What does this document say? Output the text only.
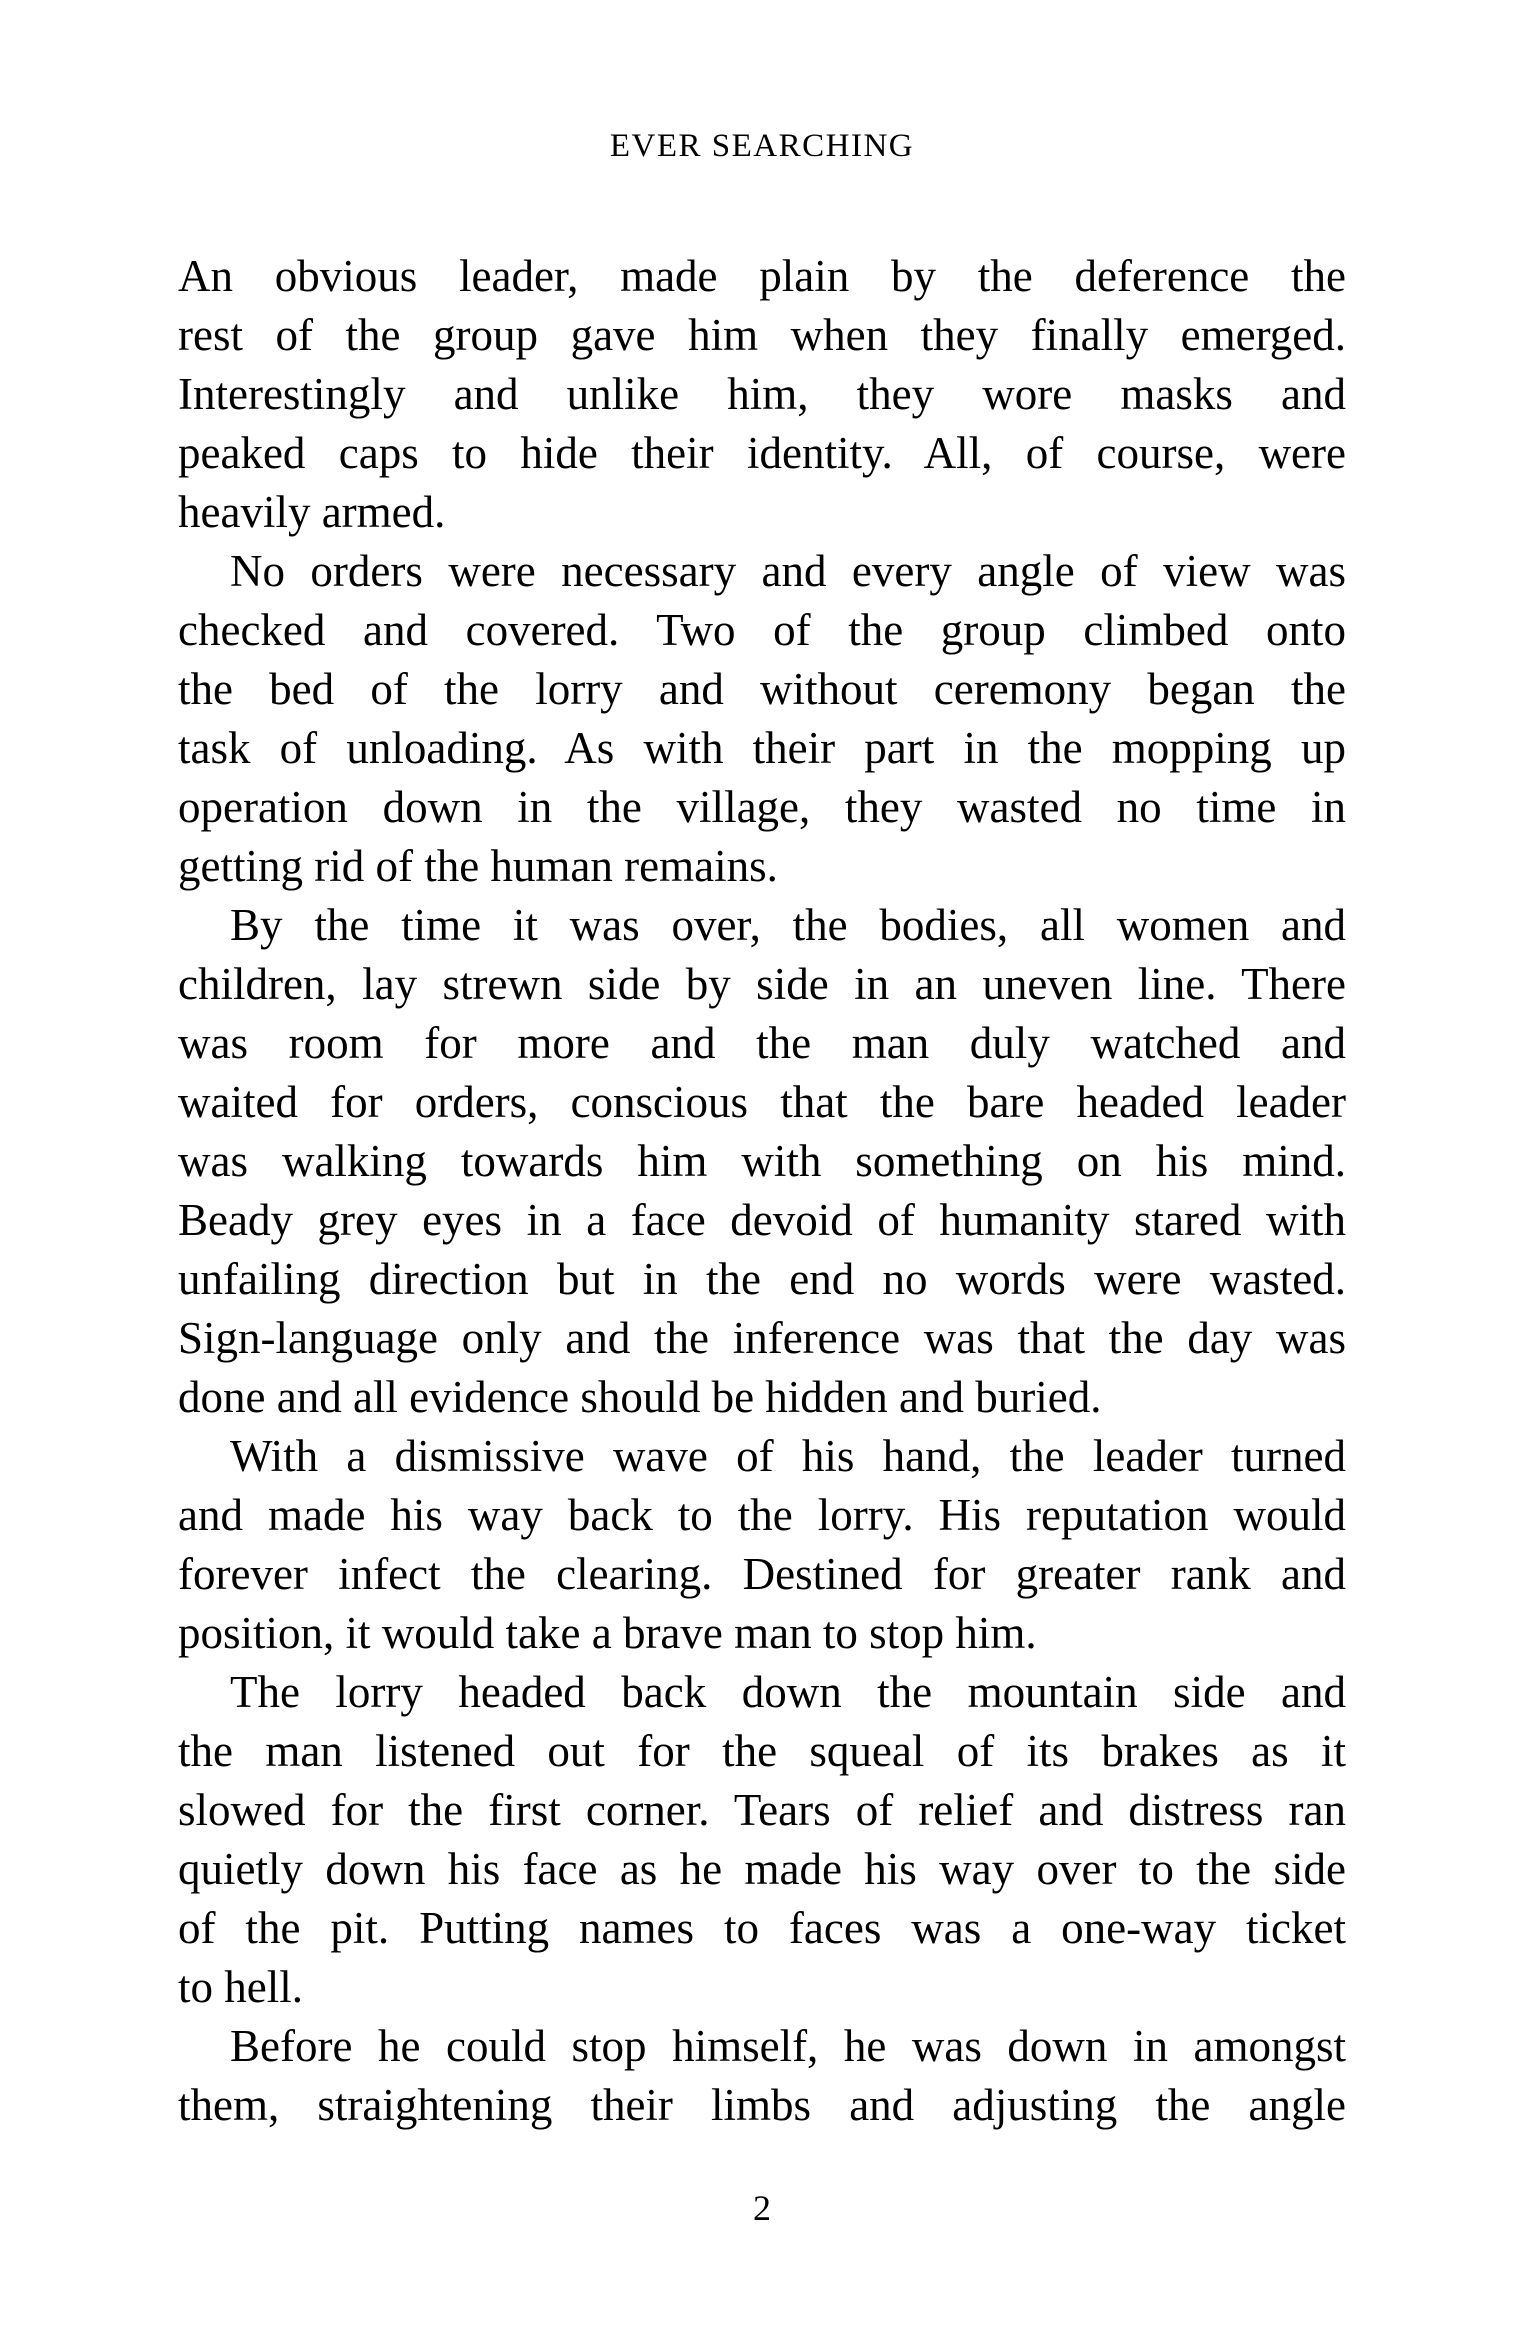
EVER SEARCHING
An obvious leader, made plain by the deference the
rest of the group gave him when they finally emerged.
Interestingly and unlike him, they wore masks and
peaked caps to hide their identity. All, of course, were
heavily armed.
No orders were necessary and every angle of view was
checked and covered. Two of the group climbed onto
the bed of the lorry and without ceremony began the
task of unloading. As with their part in the mopping up
operation down in the village, they wasted no time in
getting rid of the human remains.
By the time it was over, the bodies, all women and
children, lay strewn side by side in an uneven line. There
was room for more and the man duly watched and
waited for orders, conscious that the bare headed leader
was walking towards him with something on his mind.
Beady grey eyes in a face devoid of humanity stared with
unfailing direction but in the end no words were wasted.
Sign-language only and the inference was that the day was
done and all evidence should be hidden and buried.
With a dismissive wave of his hand, the leader turned
and made his way back to the lorry. His reputation would
forever infect the clearing. Destined for greater rank and
position, it would take a brave man to stop him.
The lorry headed back down the mountain side and
the man listened out for the squeal of its brakes as it
slowed for the first corner. Tears of relief and distress ran
quietly down his face as he made his way over to the side
of the pit. Putting names to faces was a one-way ticket
to hell.
Before he could stop himself, he was down in amongst
them, straightening their limbs and adjusting the angle
2
